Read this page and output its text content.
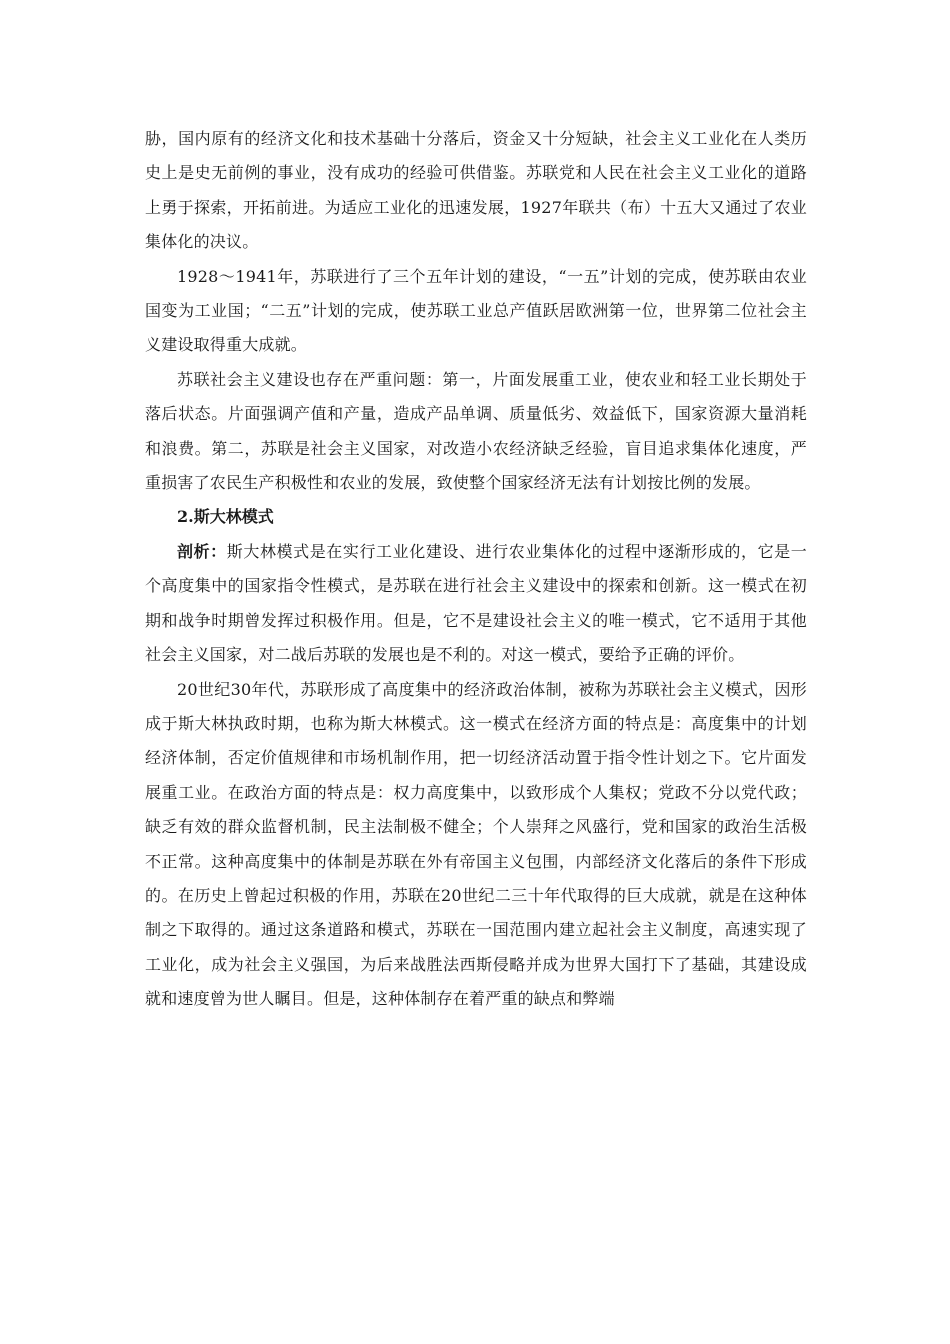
胁，国内原有的经济文化和技术基础十分落后，资金又十分短缺，社会主义工业化在人类历史上是史无前例的事业，没有成功的经验可供借鉴。苏联党和人民在社会主义工业化的道路上勇于探索，开拓前进。为适应工业化的迅速发展，1927年联共（布）十五大又通过了农业集体化的决议。

1928～1941年，苏联进行了三个五年计划的建设，“一五”计划的完成，使苏联由农业国变为工业国；“二五”计划的完成，使苏联工业总产值跃居欧洲第一位，世界第二位社会主义建设取得重大成就。

苏联社会主义建设也存在严重问题：第一，片面发展重工业，使农业和轻工业长期处于落后状态。片面强调产值和产量，造成产品单调、质量低劣、效益低下，国家资源大量消耗和浪费。第二，苏联是社会主义国家，对改造小农经济缺乏经验，盲目追求集体化速度，严重损害了农民生产积极性和农业的发展，致使整个国家经济无法有计划按比例的发展。

2.斯大林模式

剖析：斯大林模式是在实行工业化建设、进行农业集体化的过程中逐渐形成的，它是一个高度集中的国家指令性模式，是苏联在进行社会主义建设中的探索和创新。这一模式在初期和战争时期曾发挥过积极作用。但是，它不是建设社会主义的唯一模式，它不适用于其他社会主义国家，对二战后苏联的发展也是不利的。对这一模式，要给予正确的评价。

20世纪30年代，苏联形成了高度集中的经济政治体制，被称为苏联社会主义模式，因形成于斯大林执政时期，也称为斯大林模式。这一模式在经济方面的特点是：高度集中的计划经济体制，否定价值规律和市场机制作用，把一切经济活动置于指令性计划之下。它片面发展重工业。在政治方面的特点是：权力高度集中，以致形成个人集权；党政不分以党代政；缺乏有效的群众监督机制，民主法制极不健全；个人崇拜之风盛行，党和国家的政治生活极不正常。这种高度集中的体制是苏联在外有帝国主义包围，内部经济文化落后的条件下形成的。在历史上曾起过积极的作用，苏联在20世纪二三十年代取得的巨大成就，就是在这种体制之下取得的。通过这条道路和模式，苏联在一国范围内建立起社会主义制度，高速实现了工业化，成为社会主义强国，为后来战胜法西斯侵略并成为世界大国打下了基础，其建设成就和速度曾为世人瞩目。但是，这种体制存在着严重的缺点和弊端
